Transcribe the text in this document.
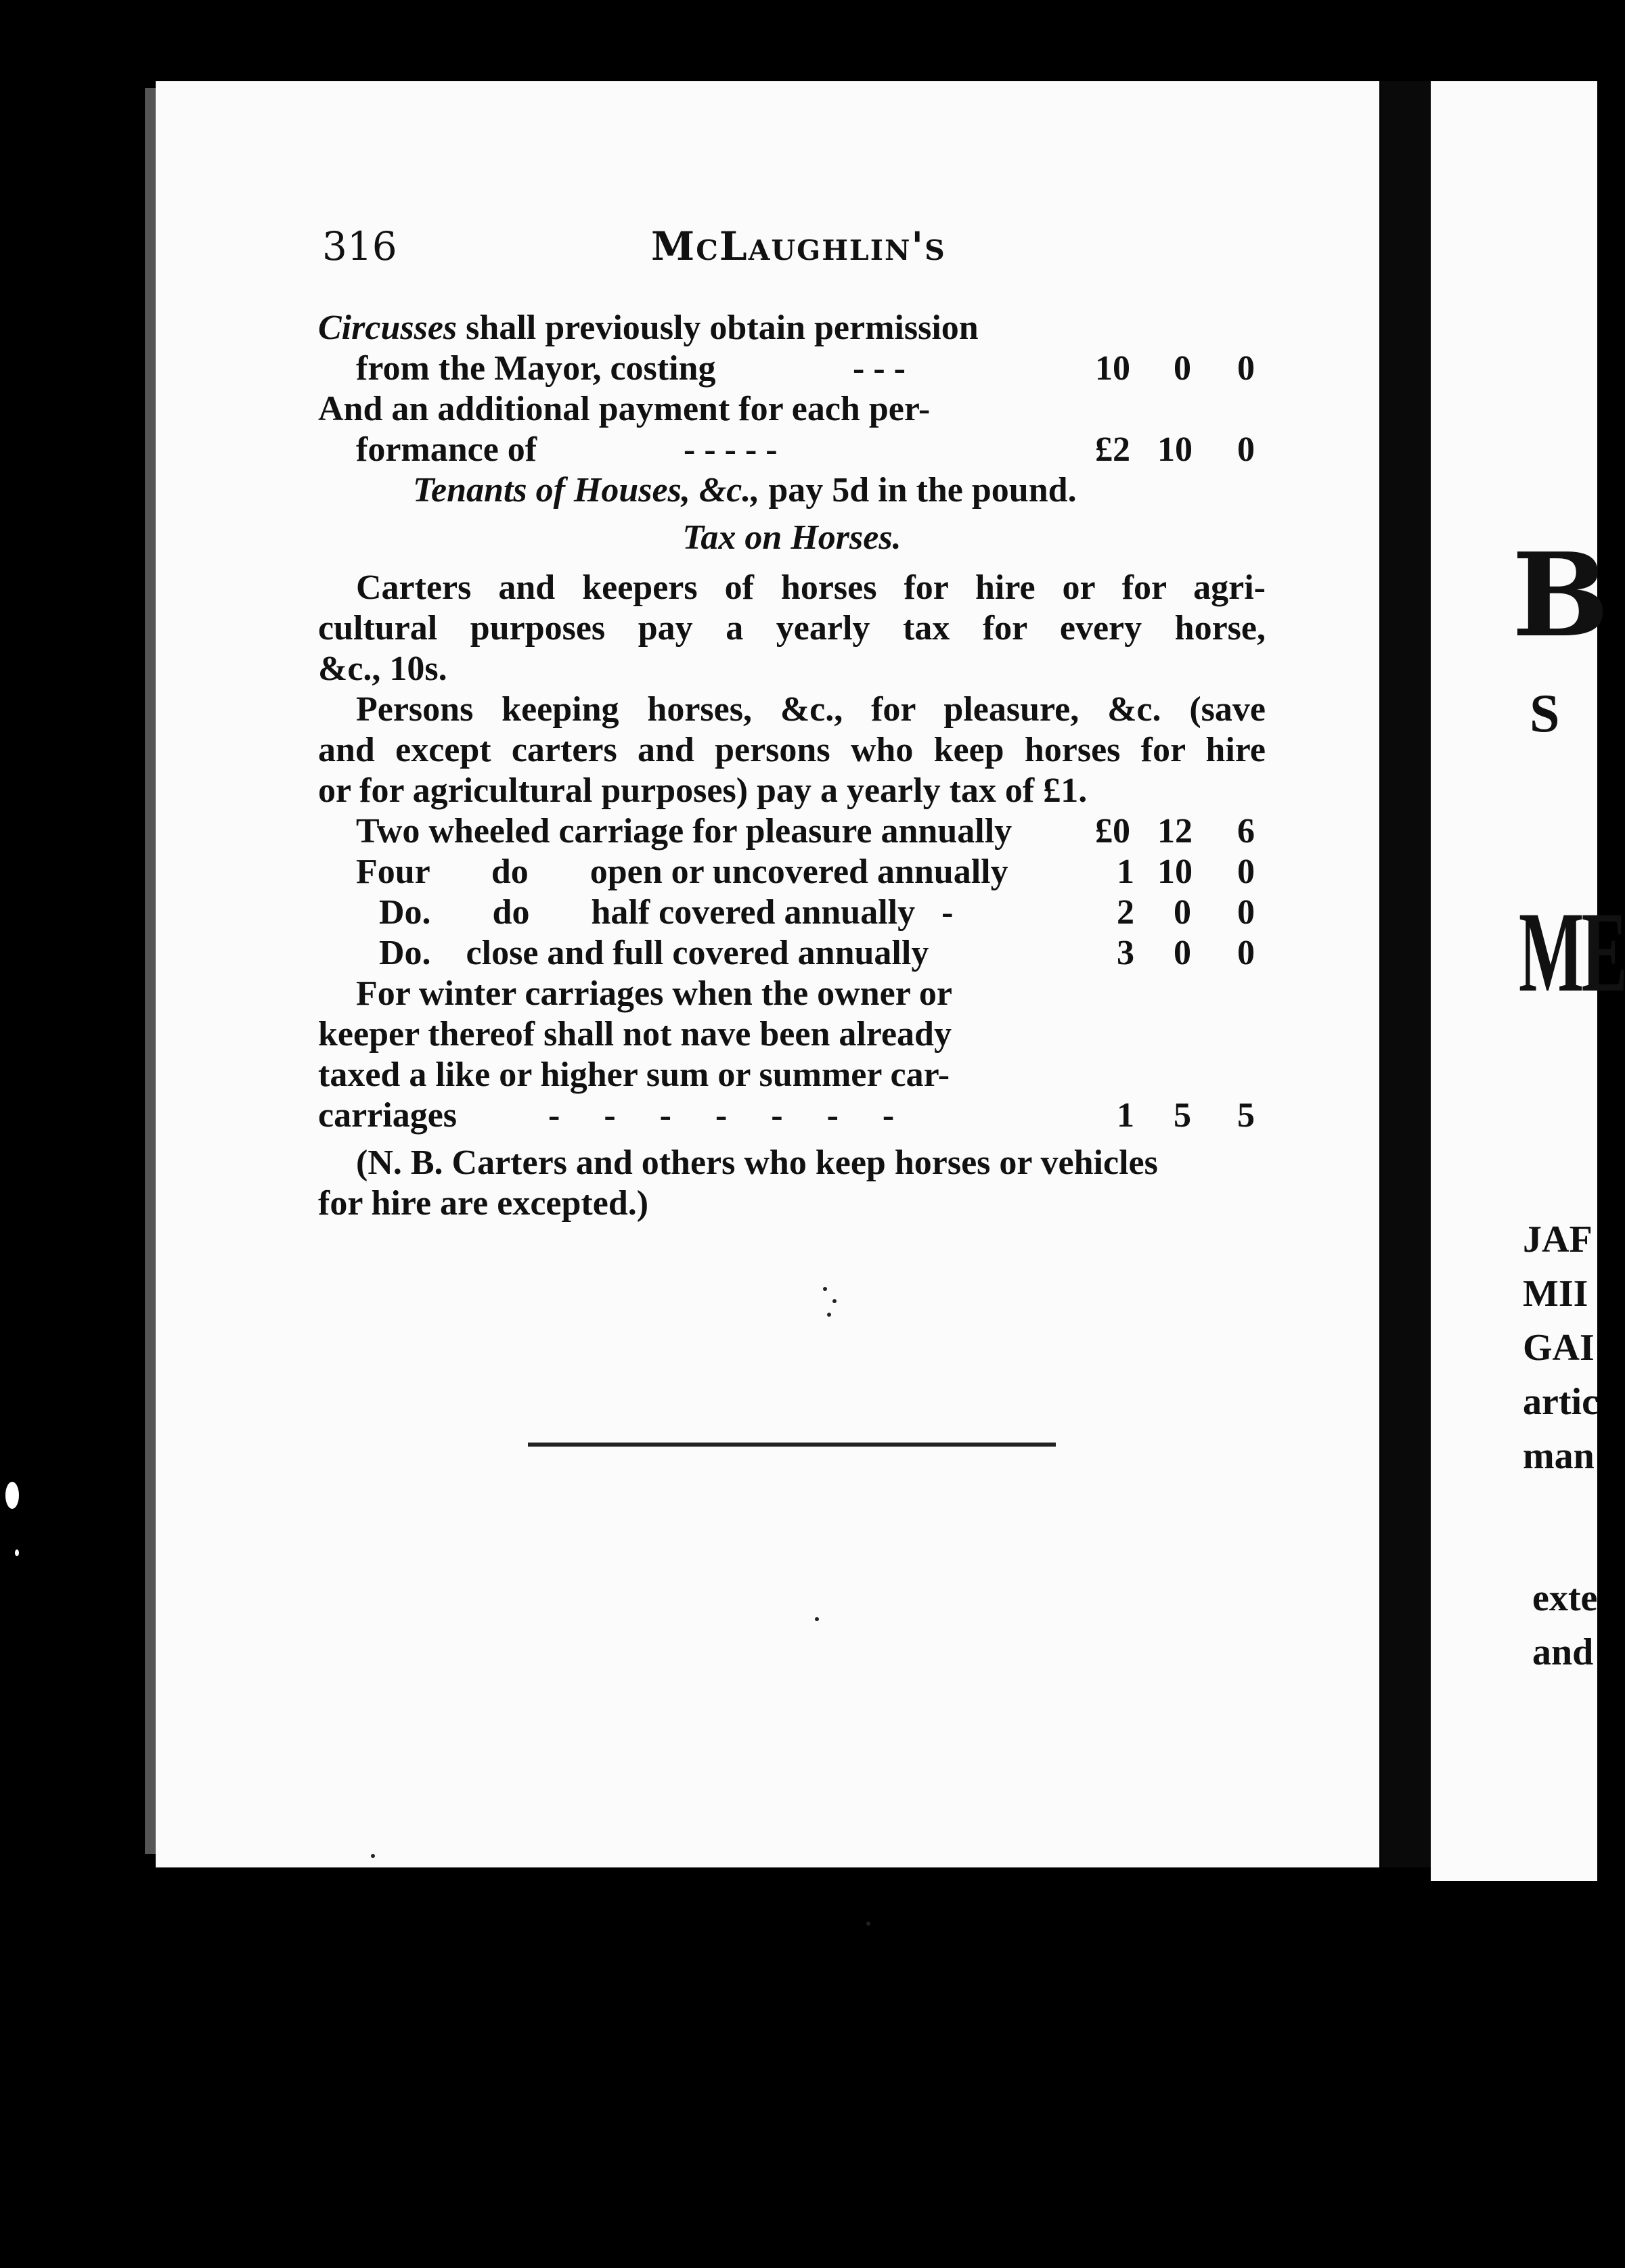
316	McLaughlin's
Circusses shall previously obtain permission
from the Mayor, costing	- - -	10 0 0
And an additional payment for each per-
formance of	- - - - -	£2 10 0
Tenants of Houses, &c., pay 5d in the pound.
Tax on Horses.
Carters and keepers of horses for hire or for agri-
cultural purposes pay a yearly tax for every horse,
&c., 10s.
Persons keeping horses, &c., for pleasure, &c. (save
and except carters and persons who keep horses for hire
or for agricultural purposes) pay a yearly tax of £1.
Two wheeled carriage for pleasure annually £0 12 6
Four       do       open or uncovered annually	1 10 0
Do.       do       half covered annually   -	2 0 0
Do.    close and full covered annually	3 0 0
For winter carriages when the owner or
keeper thereof shall not nave been already
taxed a like or higher sum or summer car-
carriages	-     -     -     -     -     -     -	1 5 5
(N. B. Carters and others who keep horses or vehicles
for hire are excepted.)
B
S
ME
JAF
MII
GAI
artic
man
exte
and
